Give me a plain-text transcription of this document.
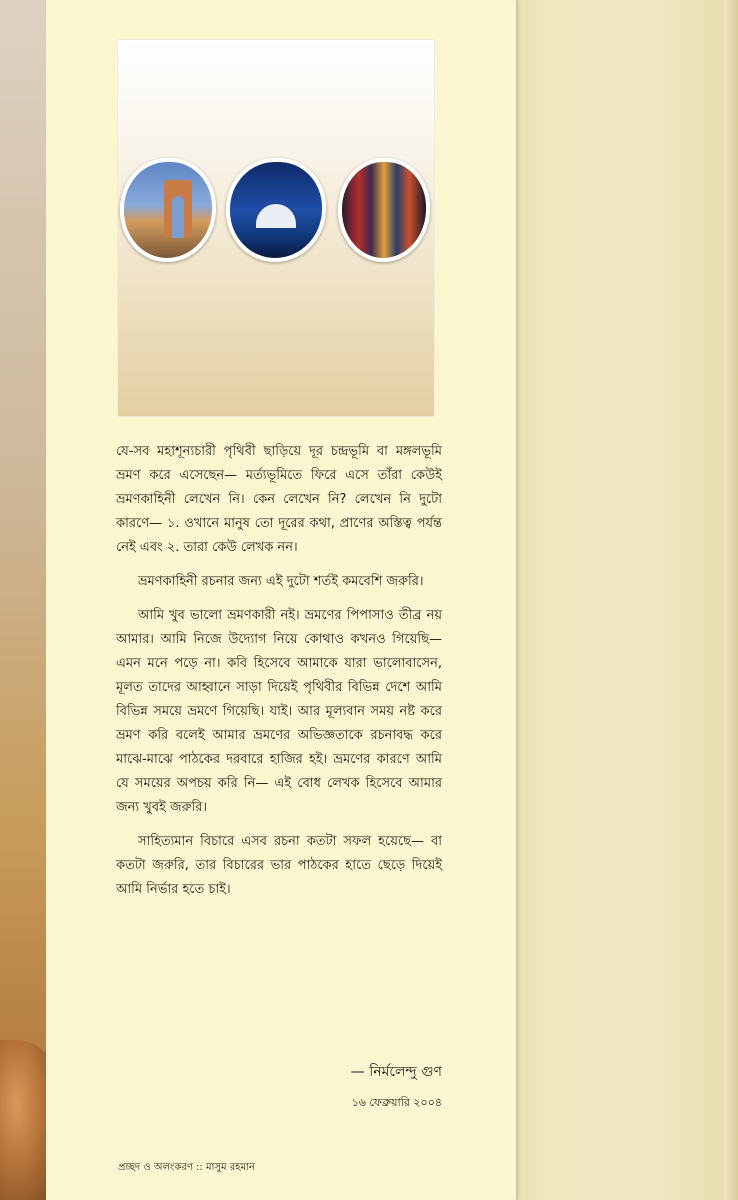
যে-সব মহাশূন্যচারী পৃথিবী ছাড়িয়ে দূর চন্দ্রভূমি বা মঙ্গলভূমি ভ্রমণ করে এসেছেন— মর্ত্যভূমিতে ফিরে এসে তাঁরা কেউই ভ্রমণকাহিনী লেখেন নি। কেন লেখেন নি? লেখেন নি দুটো কারণে— ১. ওখানে মানুষ তো দূরের কথা, প্রাণের অস্তিত্ব পর্যন্ত নেই এবং ২. তারা কেউ লেখক নন।

ভ্রমণকাহিনী রচনার জন্য এই দুটো শর্তই কমবেশি জরুরি।

আমি খুব ভালো ভ্রমণকারী নই। ভ্রমণের পিপাসাও তীব্র নয় আমার। আমি নিজে উদ্যোগ নিয়ে কোথাও কখনও গিয়েছি— এমন মনে পড়ে না। কবি হিসেবে আমাকে যারা ভালোবাসেন, মূলত তাদের আহ্বানে সাড়া দিয়েই পৃথিবীর বিভিন্ন দেশে আমি বিভিন্ন সময়ে ভ্রমণে গিয়েছি। যাই। আর মূল্যবান সময় নষ্ট করে ভ্রমণ করি বলেই আমার ভ্রমণের অভিজ্ঞতাকে রচনাবদ্ধ করে মাঝে-মাঝে পাঠকের দরবারে হাজির হই। ভ্রমণের কারণে আমি যে সময়ের অপচয় করি নি— এই বোধ লেখক হিসেবে আমার জন্য খুবই জরুরি।

সাহিত্যমান বিচারে এসব রচনা কতটা সফল হয়েছে— বা কতটা জরুরি, তার বিচারের ভার পাঠকের হাতে ছেড়ে দিয়েই আমি নির্ভার হতে চাই।

— নির্মলেন্দু গুণ
১৬ ফেব্রুয়ারি ২০০৪
প্রচ্ছদ ও অলংকরণ :: মাসুম রহমান
